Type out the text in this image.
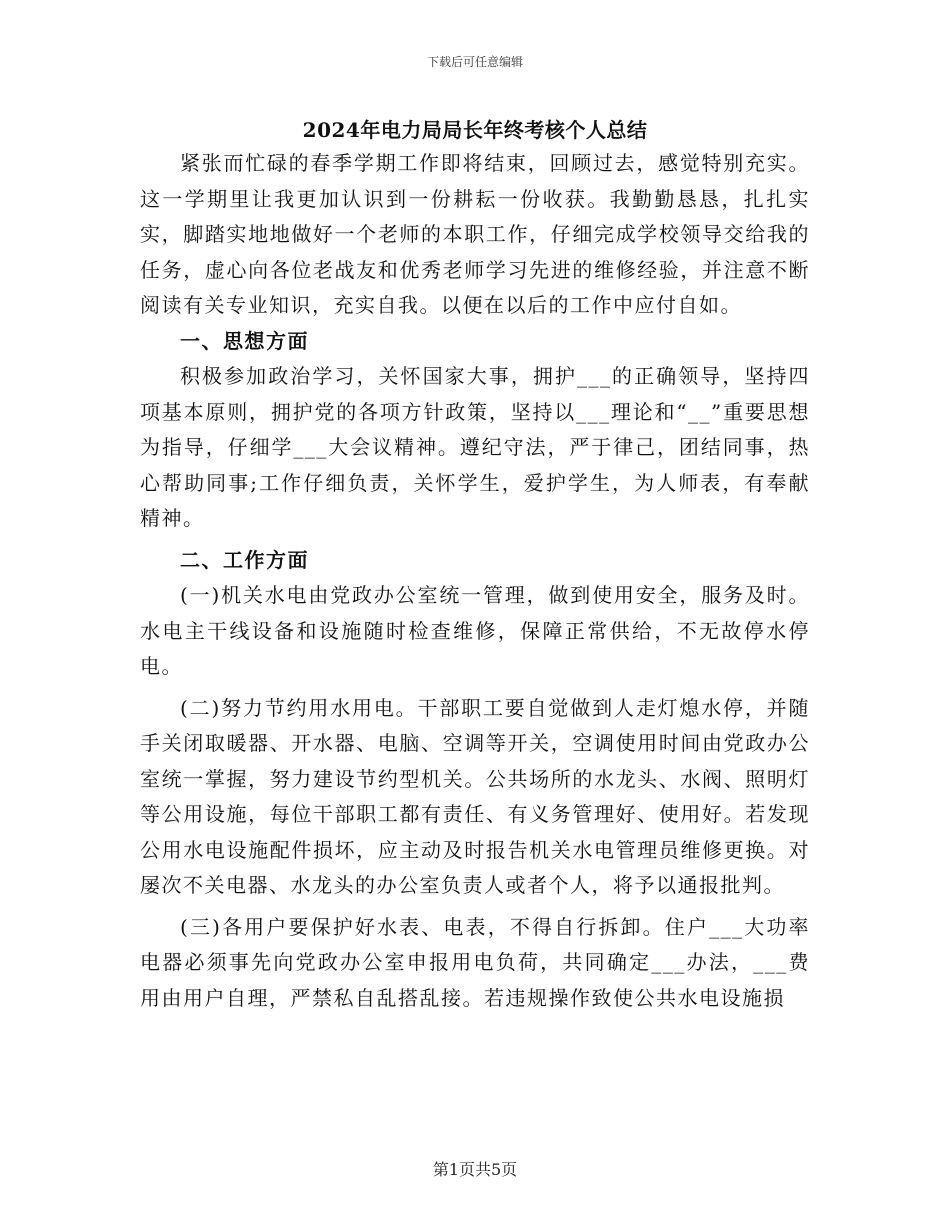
下载后可任意编辑
2024年电力局局长年终考核个人总结

紧张而忙碌的春季学期工作即将结束，回顾过去，感觉特别充实。这一学期里让我更加认识到一份耕耘一份收获。我勤勤恳恳，扎扎实实，脚踏实地地做好一个老师的本职工作，仔细完成学校领导交给我的任务，虚心向各位老战友和优秀老师学习先进的维修经验，并注意不断阅读有关专业知识，充实自我。以便在以后的工作中应付自如。

一、思想方面

积极参加政治学习，关怀国家大事，拥护___的正确领导，坚持四项基本原则，拥护党的各项方针政策，坚持以___理论和“__”重要思想为指导，仔细学___大会议精神。遵纪守法，严于律己，团结同事，热心帮助同事;工作仔细负责，关怀学生，爱护学生，为人师表，有奉献精神。

二、工作方面

(一)机关水电由党政办公室统一管理，做到使用安全，服务及时。水电主干线设备和设施随时检查维修，保障正常供给，不无故停水停电。

(二)努力节约用水用电。干部职工要自觉做到人走灯熄水停，并随手关闭取暖器、开水器、电脑、空调等开关，空调使用时间由党政办公室统一掌握，努力建设节约型机关。公共场所的水龙头、水阀、照明灯等公用设施，每位干部职工都有责任、有义务管理好、使用好。若发现公用水电设施配件损坏，应主动及时报告机关水电管理员维修更换。对屡次不关电器、水龙头的办公室负责人或者个人，将予以通报批判。

(三)各用户要保护好水表、电表，不得自行拆卸。住户___大功率电器必须事先向党政办公室申报用电负荷，共同确定___办法，___费用由用户自理，严禁私自乱搭乱接。若违规操作致使公共水电设施损

第1页共5页
